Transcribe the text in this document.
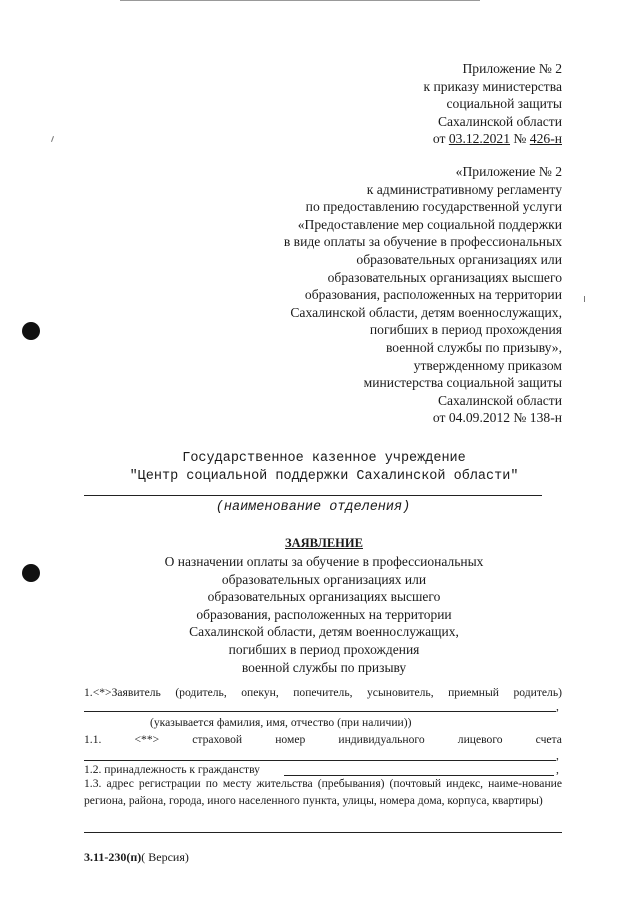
Приложение № 2
к приказу министерства
социальной защиты
Сахалинской области
от 03.12.2021 № 426-н
«Приложение № 2
к административному регламенту
по предоставлению государственной услуги
«Предоставление мер социальной поддержки
в виде оплаты за обучение в профессиональных
образовательных организациях или
образовательных организациях высшего
образования, расположенных на территории
Сахалинской области, детям военнослужащих,
погибших в период прохождения
военной службы по призыву»,
утвержденному приказом
министерства социальной защиты
Сахалинской области
от 04.09.2012 № 138-н
Государственное казенное учреждение
"Центр социальной поддержки Сахалинской области"
(наименование отделения)
ЗАЯВЛЕНИЕ
О назначении оплаты за обучение в профессиональных
образовательных организациях или
образовательных организациях высшего
образования, расположенных на территории
Сахалинской области, детям военнослужащих,
погибших в период прохождения
военной службы по призыву
1.<*>Заявитель (родитель, опекун, попечитель, усыновитель, приемный родитель)
,
(указывается фамилия, имя, отчество (при наличии))
1.1.	<**>	страховой	номер	индивидуального	лицевого	счета
,
1.2. принадлежность к гражданству	,
1.3. адрес регистрации по месту жительства (пребывания) (почтовый индекс, наиме-нование региона, района, города, иного населенного пункта, улицы, номера дома, корпуса, квартиры)
3.11-230(п)( Версия)
